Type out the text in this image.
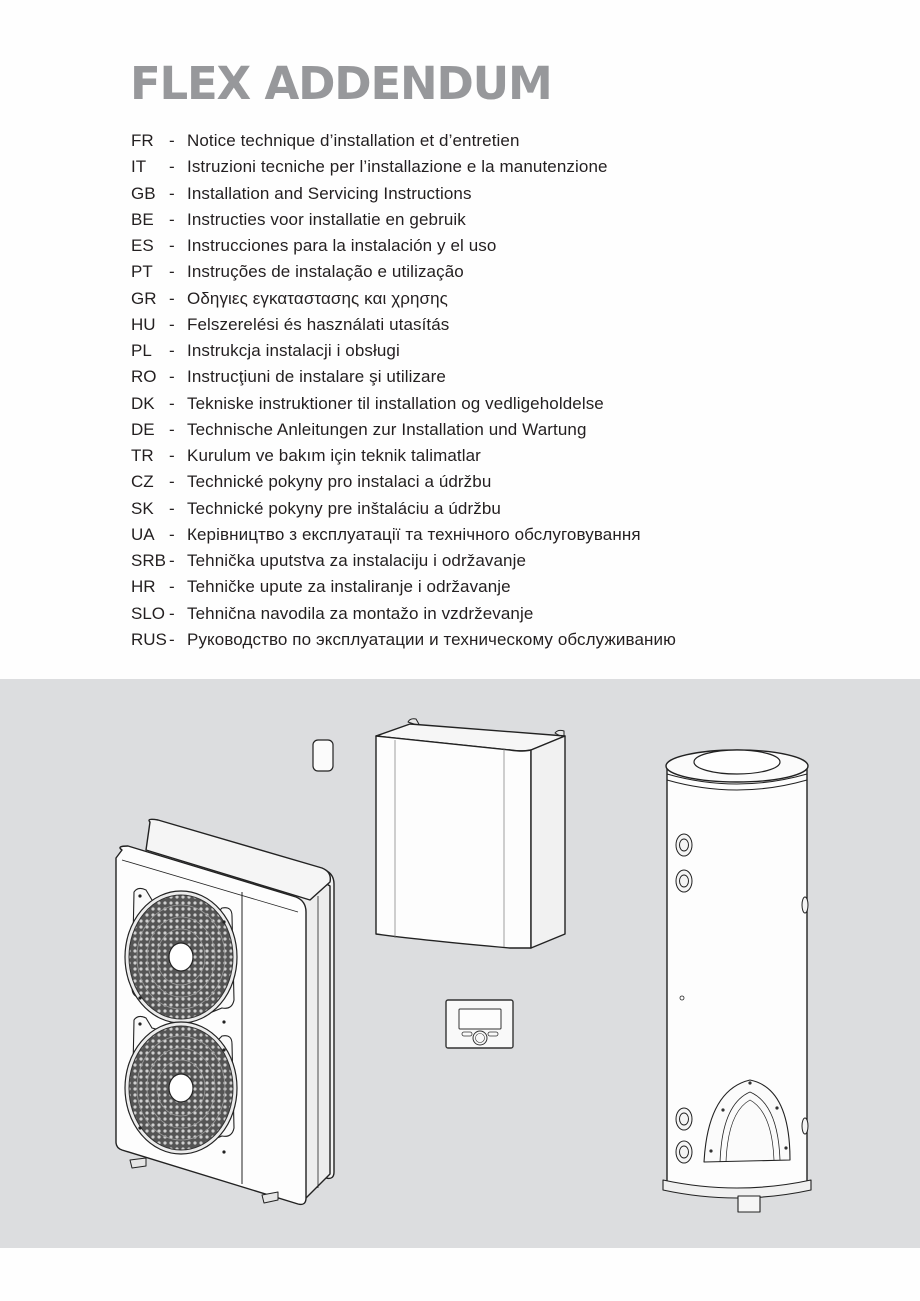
FLEX ADDENDUM
FR - Notice technique d’installation et d’entretien
IT - Istruzioni tecniche per l’installazione e la manutenzione
GB - Installation and Servicing Instructions
BE - Instructies voor installatie en gebruik
ES - Instrucciones para la instalación y el uso
PT - Instruções de instalação e utilização
GR - Οδηγιες εγκαταστασης και χρησης
HU - Felszerelési és használati utasítás
PL - Instrukcja instalacji i obsługi
RO - Instrucţiuni de instalare şi utilizare
DK - Tekniske instruktioner til installation og vedligeholdelse
DE - Technische Anleitungen zur Installation und Wartung
TR - Kurulum ve bakım için teknik talimatlar
CZ - Technické pokyny pro instalaci a údržbu
SK - Technické pokyny pre inštaláciu a údržbu
UA - Керівництво з експлуатації та технічного обслуговування
SRB - Tehnička uputstva za instalaciju i održavanje
HR - Tehničke upute za instaliranje i održavanje
SLO - Tehnična navodila za montažo in vzdrževanje
RUS - Руководство по эксплуатации и техническому обслуживанию
